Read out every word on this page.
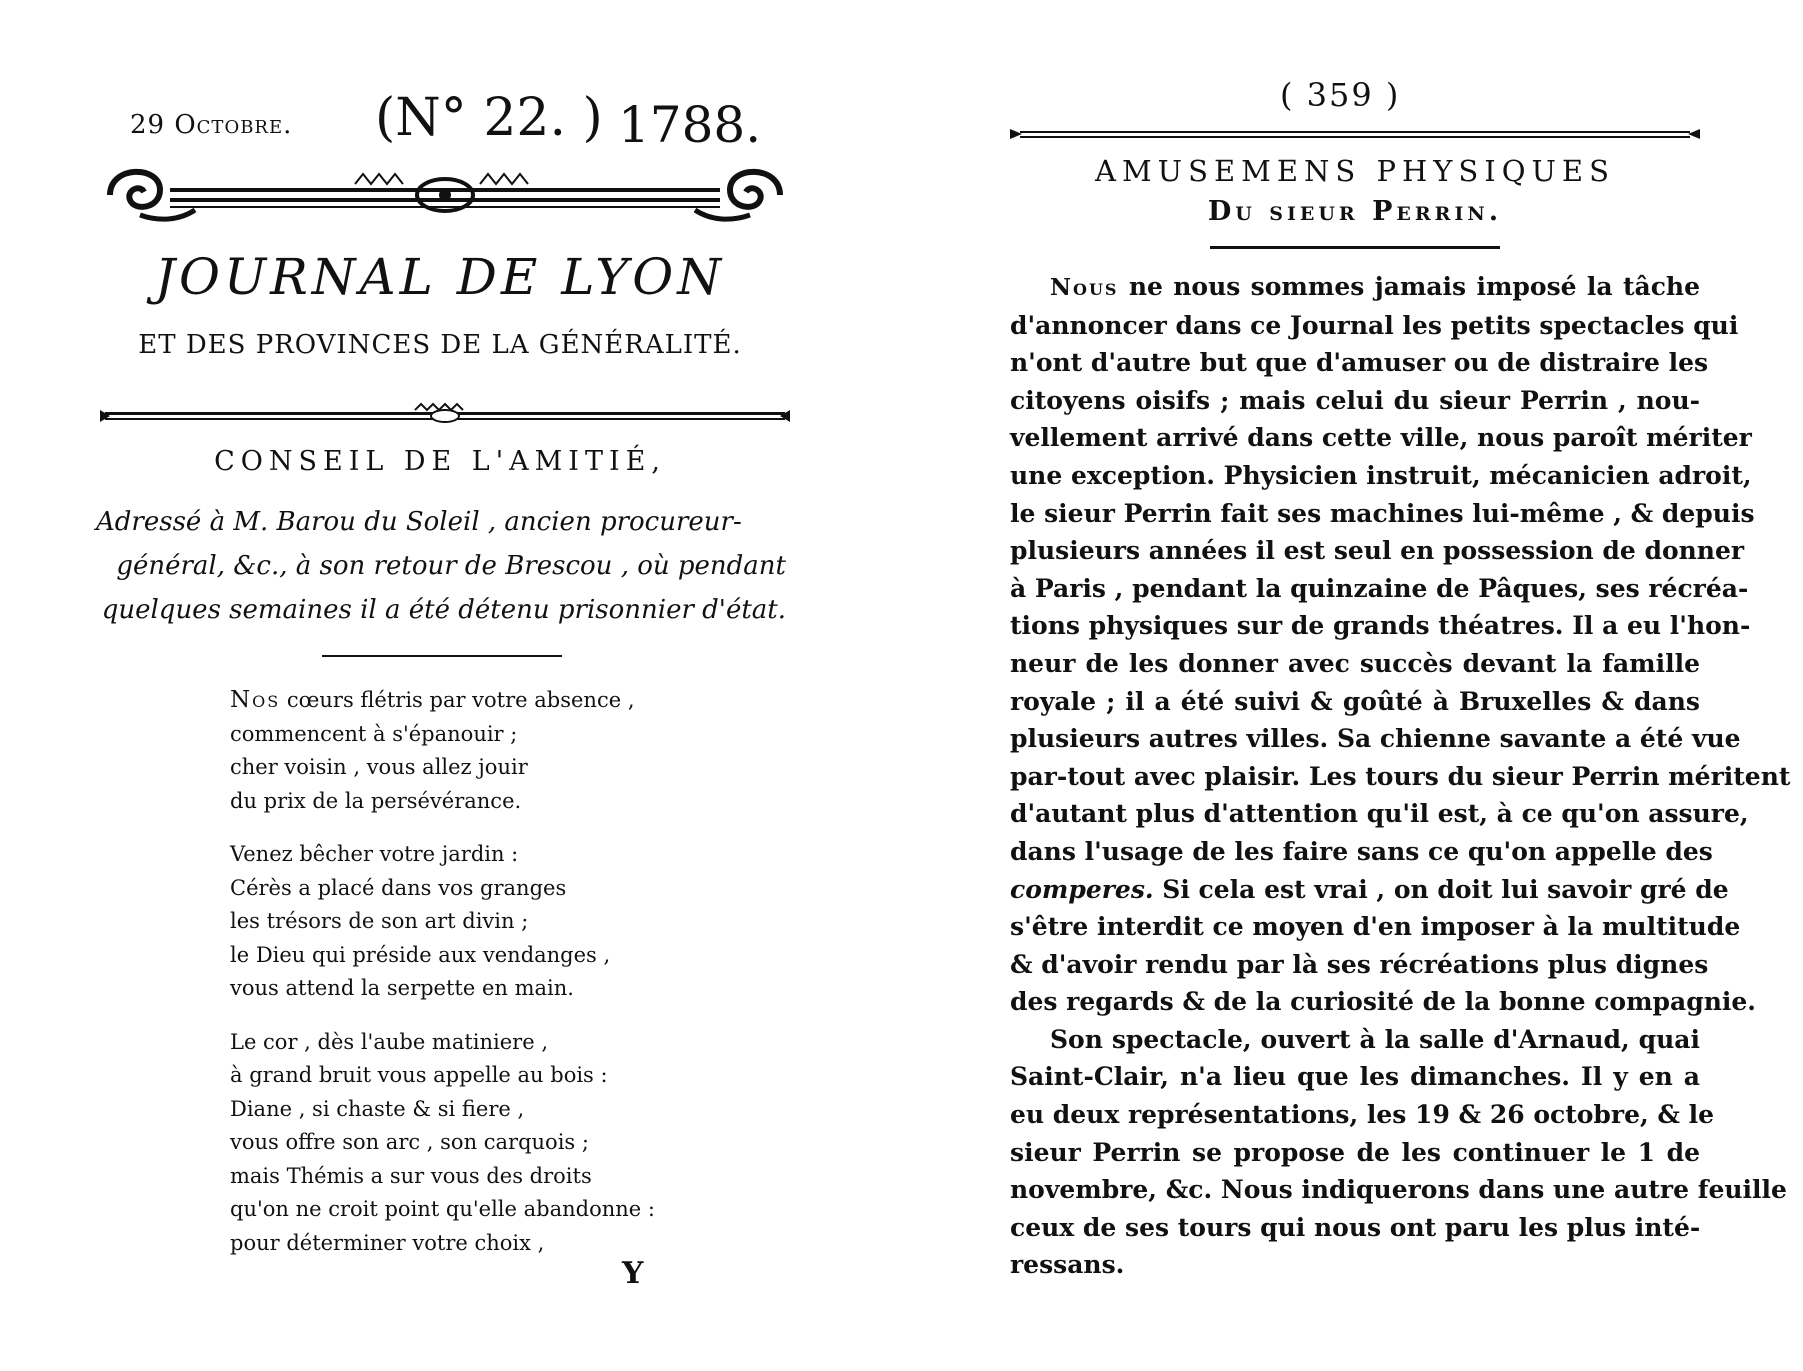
29 Octobre. (N° 22. ) 1788.
JOURNAL DE LYON
ET DES PROVINCES DE LA GÉNÉRALITÉ.
CONSEIL DE L'AMITIÉ,
Adressé à M. Barou du Soleil , ancien procureur-
général, &c., à son retour de Brescou , où pendant
quelques semaines il a été détenu prisonnier d'état.
Nos cœurs flétris par votre absence ,
commencent à s'épanouir ;
cher voisin , vous allez jouir
du prix de la persévérance.
Venez bêcher votre jardin :
Cérès a placé dans vos granges
les trésors de son art divin ;
le Dieu qui préside aux vendanges ,
vous attend la serpette en main.
Le cor , dès l'aube matiniere ,
à grand bruit vous appelle au bois :
Diane , si chaste & si fiere ,
vous offre son arc , son carquois ;
mais Thémis a sur vous des droits
qu'on ne croit point qu'elle abandonne :
pour déterminer votre choix ,
Y
( 359 )
AMUSEMENS PHYSIQUES
Du sieur Perrin.
Nous ne nous sommes jamais imposé la tâche
d'annoncer dans ce Journal les petits spectacles qui
n'ont d'autre but que d'amuser ou de distraire les
citoyens oisifs ; mais celui du sieur Perrin , nou-
vellement arrivé dans cette ville, nous paroît mériter
une exception. Physicien instruit, mécanicien adroit,
le sieur Perrin fait ses machines lui-même , & depuis
plusieurs années il est seul en possession de donner
à Paris , pendant la quinzaine de Pâques, ses récréa-
tions physiques sur de grands théatres. Il a eu l'hon-
neur de les donner avec succès devant la famille
royale ; il a été suivi & goûté à Bruxelles & dans
plusieurs autres villes. Sa chienne savante a été vue
par-tout avec plaisir. Les tours du sieur Perrin méritent
d'autant plus d'attention qu'il est, à ce qu'on assure,
dans l'usage de les faire sans ce qu'on appelle des
comperes. Si cela est vrai , on doit lui savoir gré de
s'être interdit ce moyen d'en imposer à la multitude
& d'avoir rendu par là ses récréations plus dignes
des regards & de la curiosité de la bonne compagnie.
Son spectacle, ouvert à la salle d'Arnaud, quai
Saint-Clair, n'a lieu que les dimanches. Il y en a
eu deux représentations, les 19 & 26 octobre, & le
sieur Perrin se propose de les continuer le 1 de
novembre, &c. Nous indiquerons dans une autre feuille
ceux de ses tours qui nous ont paru les plus inté-
ressans.
